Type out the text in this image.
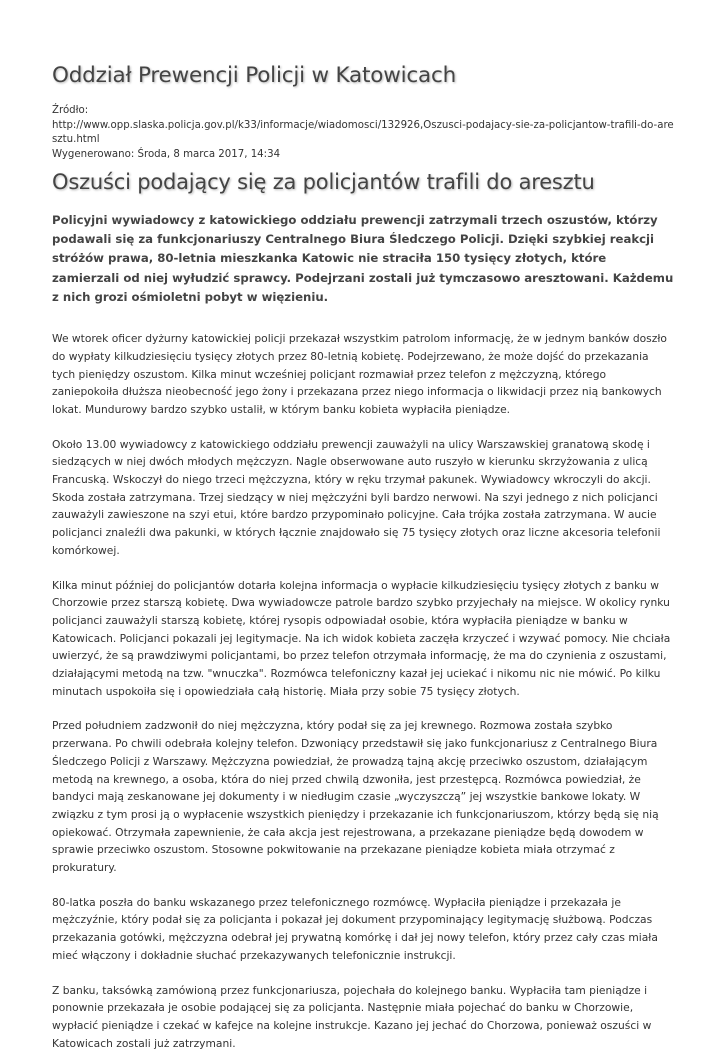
Oddział Prewencji Policji w Katowicach
Źródło:
http://www.opp.slaska.policja.gov.pl/k33/informacje/wiadomosci/132926,Oszusci-podajacy-sie-za-policjantow-trafili-do-aresztu.html
Wygenerowano: Środa, 8 marca 2017, 14:34
Oszuści podający się za policjantów trafili do aresztu

Policyjni wywiadowcy z katowickiego oddziału prewencji zatrzymali trzech oszustów, którzy podawali się za funkcjonariuszy Centralnego Biura Śledczego Policji. Dzięki szybkiej reakcji stróżów prawa, 80-letnia mieszkanka Katowic nie straciła 150 tysięcy złotych, które zamierzali od niej wyłudzić sprawcy. Podejrzani zostali już tymczasowo aresztowani. Każdemu z nich grozi ośmioletni pobyt w więzieniu.

We wtorek oficer dyżurny katowickiej policji przekazał wszystkim patrolom informację, że w jednym banków doszło do wypłaty kilkudziesięciu tysięcy złotych przez 80-letnią kobietę. Podejrzewano, że może dojść do przekazania tych pieniędzy oszustom. Kilka minut wcześniej policjant rozmawiał przez telefon z mężczyzną, którego zaniepokoiła dłuższa nieobecność jego żony i przekazana przez niego informacja o likwidacji przez nią bankowych lokat. Mundurowy bardzo szybko ustalił, w którym banku kobieta wypłaciła pieniądze.

Około 13.00 wywiadowcy z katowickiego oddziału prewencji zauważyli na ulicy Warszawskiej granatową skodę i siedzących w niej dwóch młodych mężczyzn. Nagle obserwowane auto ruszyło w kierunku skrzyżowania z ulicą Francuską. Wskoczył do niego trzeci mężczyzna, który w ręku trzymał pakunek. Wywiadowcy wkroczyli do akcji. Skoda została zatrzymana. Trzej siedzący w niej mężczyźni byli bardzo nerwowi. Na szyi jednego z nich policjanci zauważyli zawieszone na szyi etui, które bardzo przypominało policyjne. Cała trójka została zatrzymana. W aucie policjanci znaleźli dwa pakunki, w których łącznie znajdowało się 75 tysięcy złotych oraz liczne akcesoria telefonii komórkowej.

Kilka minut później do policjantów dotarła kolejna informacja o wypłacie kilkudziesięciu tysięcy złotych z banku w Chorzowie przez starszą kobietę. Dwa wywiadowcze patrole bardzo szybko przyjechały na miejsce. W okolicy rynku policjanci zauważyli starszą kobietę, której rysopis odpowiadał osobie, która wypłaciła pieniądze w banku w Katowicach. Policjanci pokazali jej legitymacje. Na ich widok kobieta zaczęła krzyczeć i wzywać pomocy. Nie chciała uwierzyć, że są prawdziwymi policjantami, bo przez telefon otrzymała informację, że ma do czynienia z oszustami, działającymi metodą na tzw. "wnuczka". Rozmówca telefoniczny kazał jej uciekać i nikomu nic nie mówić. Po kilku minutach uspokoiła się i opowiedziała całą historię. Miała przy sobie 75 tysięcy złotych.

Przed południem zadzwonił do niej mężczyzna, który podał się za jej krewnego. Rozmowa została szybko przerwana. Po chwili odebrała kolejny telefon. Dzwoniący przedstawił się jako funkcjonariusz z Centralnego Biura Śledczego Policji z Warszawy. Mężczyzna powiedział, że prowadzą tajną akcję przeciwko oszustom, działającym metodą na krewnego, a osoba, która do niej przed chwilą dzwoniła, jest przestępcą. Rozmówca powiedział, że bandyci mają zeskanowane jej dokumenty i w niedługim czasie „wyczyszczą” jej wszystkie bankowe lokaty. W związku z tym prosi ją o wypłacenie wszystkich pieniędzy i przekazanie ich funkcjonariuszom, którzy będą się nią opiekować. Otrzymała zapewnienie, że cała akcja jest rejestrowana, a przekazane pieniądze będą dowodem w sprawie przeciwko oszustom. Stosowne pokwitowanie na przekazane pieniądze kobieta miała otrzymać z prokuratury.

80-latka poszła do banku wskazanego przez telefonicznego rozmówcę. Wypłaciła pieniądze i przekazała je mężczyźnie, który podał się za policjanta i pokazał jej dokument przypominający legitymację służbową. Podczas przekazania gotówki, mężczyzna odebrał jej prywatną komórkę i dał jej nowy telefon, który przez cały czas miała mieć włączony i dokładnie słuchać przekazywanych telefonicznie instrukcji.

Z banku, taksówką zamówioną przez funkcjonariusza, pojechała do kolejnego banku. Wypłaciła tam pieniądze i ponownie przekazała je osobie podającej się za policjanta. Następnie miała pojechać do banku w Chorzowie, wypłacić pieniądze i czekać w kafejce na kolejne instrukcje. Kazano jej jechać do Chorzowa, ponieważ oszuści w Katowicach zostali już zatrzymani.
